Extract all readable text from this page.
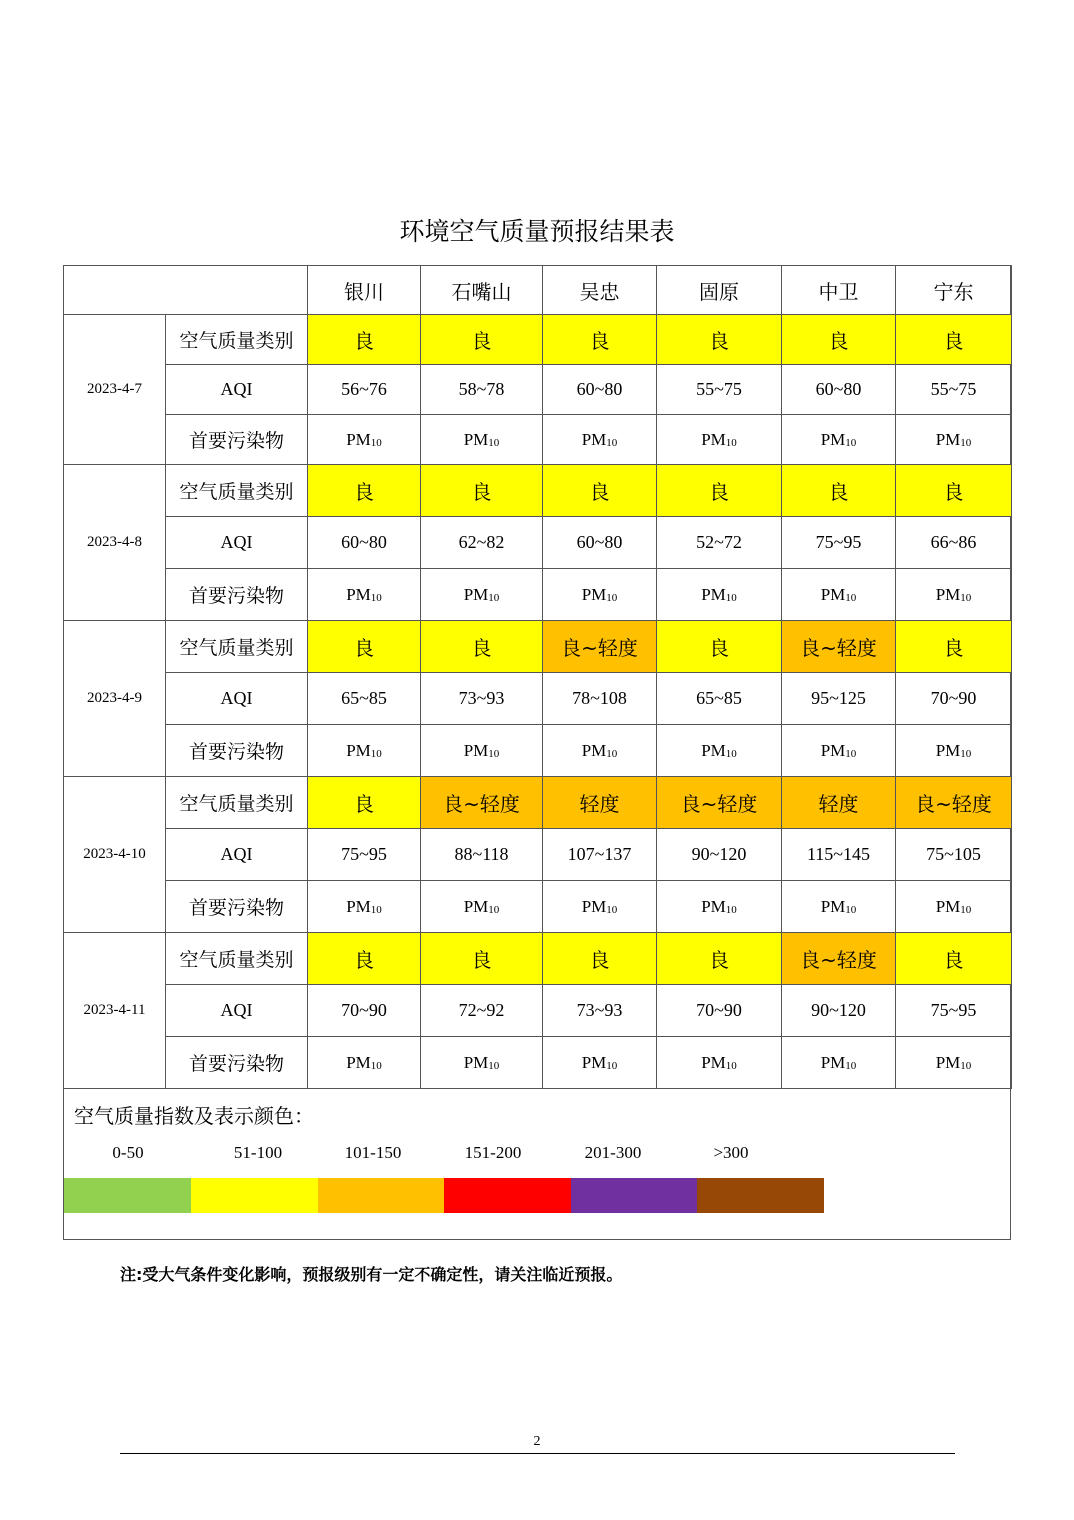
环境空气质量预报结果表
		银川	石嘴山	吴忠	固原	中卫	宁东
2023-4-7	空气质量类别	良	良	良	良	良	良
	AQI	56~76	58~78	60~80	55~75	60~80	55~75
	首要污染物	$PM_{10}$	$PM_{10}$	$PM_{10}$	$PM_{10}$	$PM_{10}$	$PM_{10}$
2023-4-8	空气质量类别	良	良	良	良	良	良
	AQI	60~80	62~82	60~80	52~72	75~95	66~86
	首要污染物	$PM_{10}$	$PM_{10}$	$PM_{10}$	$PM_{10}$	$PM_{10}$	$PM_{10}$
2023-4-9	空气质量类别	良	良	良~轻度	良	良~轻度	良
	AQI	65~85	73~93	78~108	65~85	95~125	70~90
	首要污染物	$PM_{10}$	$PM_{10}$	$PM_{10}$	$PM_{10}$	$PM_{10}$	$PM_{10}$
2023-4-10	空气质量类别	良	良~轻度	轻度	良~轻度	轻度	良~轻度
	AQI	75~95	88~118	107~137	90~120	115~145	75~105
	首要污染物	$PM_{10}$	$PM_{10}$	$PM_{10}$	$PM_{10}$	$PM_{10}$	$PM_{10}$
2023-4-11	空气质量类别	良	良	良	良	良~轻度	良
	AQI	70~90	72~92	73~93	70~90	90~120	75~95
	首要污染物	$PM_{10}$	$PM_{10}$	$PM_{10}$	$PM_{10}$	$PM_{10}$	$PM_{10}$
空气质量指数及表示颜色：
0-50	51-100	101-150	151-200	201-300	>300
注:受大气条件变化影响，预报级别有一定不确定性，请关注临近预报。
2
